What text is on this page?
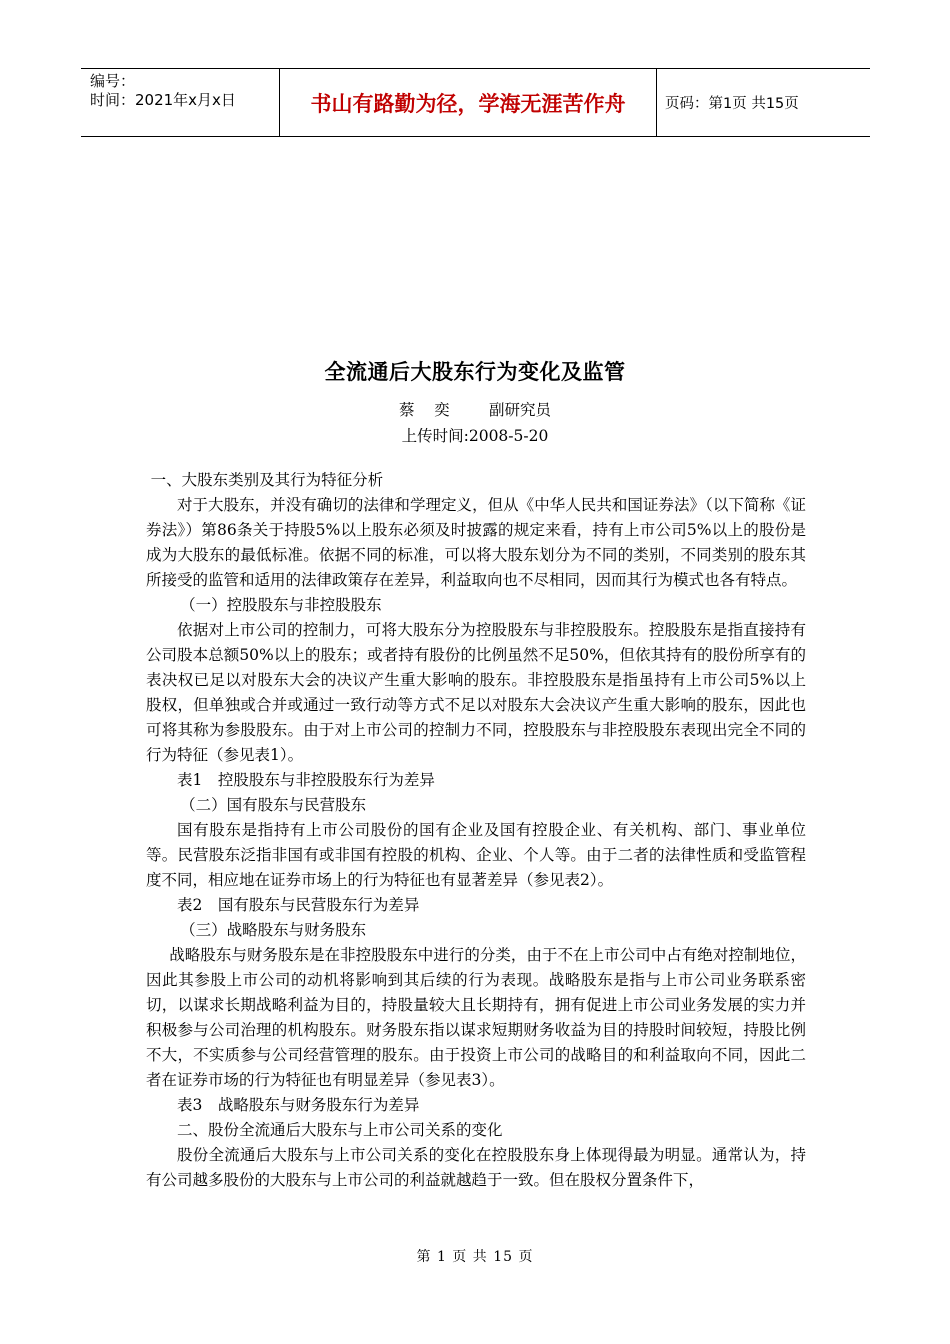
编号：
时间：2021年x月x日	书山有路勤为径，学海无涯苦作舟	页码：第1页 共15页
全流通后大股东行为变化及监管
蔡    奕        副研究员
上传时间:2008-5-20

一、大股东类别及其行为特征分析

对于大股东，并没有确切的法律和学理定义，但从《中华人民共和国证券法》（以下简称《证券法》）第86条关于持股5%以上股东必须及时披露的规定来看，持有上市公司5%以上的股份是成为大股东的最低标准。依据不同的标准，可以将大股东划分为不同的类别，不同类别的股东其所接受的监管和适用的法律政策存在差异，利益取向也不尽相同，因而其行为模式也各有特点。

（一）控股股东与非控股股东

依据对上市公司的控制力，可将大股东分为控股股东与非控股股东。控股股东是指直接持有公司股本总额50%以上的股东；或者持有股份的比例虽然不足50%，但依其持有的股份所享有的表决权已足以对股东大会的决议产生重大影响的股东。非控股股东是指虽持有上市公司5%以上股权，但单独或合并或通过一致行动等方式不足以对股东大会决议产生重大影响的股东，因此也可将其称为参股股东。由于对上市公司的控制力不同，控股股东与非控股股东表现出完全不同的行为特征（参见表1）。

表1　控股股东与非控股股东行为差异

（二）国有股东与民营股东

国有股东是指持有上市公司股份的国有企业及国有控股企业、有关机构、部门、事业单位等。民营股东泛指非国有或非国有控股的机构、企业、个人等。由于二者的法律性质和受监管程度不同，相应地在证券市场上的行为特征也有显著差异（参见表2）。

表2　国有股东与民营股东行为差异

（三）战略股东与财务股东

战略股东与财务股东是在非控股股东中进行的分类，由于不在上市公司中占有绝对控制地位，因此其参股上市公司的动机将影响到其后续的行为表现。战略股东是指与上市公司业务联系密切，以谋求长期战略利益为目的，持股量较大且长期持有，拥有促进上市公司业务发展的实力并积极参与公司治理的机构股东。财务股东指以谋求短期财务收益为目的持股时间较短，持股比例不大，不实质参与公司经营管理的股东。由于投资上市公司的战略目的和利益取向不同，因此二者在证券市场的行为特征也有明显差异（参见表3）。

表3　战略股东与财务股东行为差异

二、股份全流通后大股东与上市公司关系的变化

股份全流通后大股东与上市公司关系的变化在控股股东身上体现得最为明显。通常认为，持有公司越多股份的大股东与上市公司的利益就越趋于一致。但在股权分置条件下，

第 1 页 共 15 页
